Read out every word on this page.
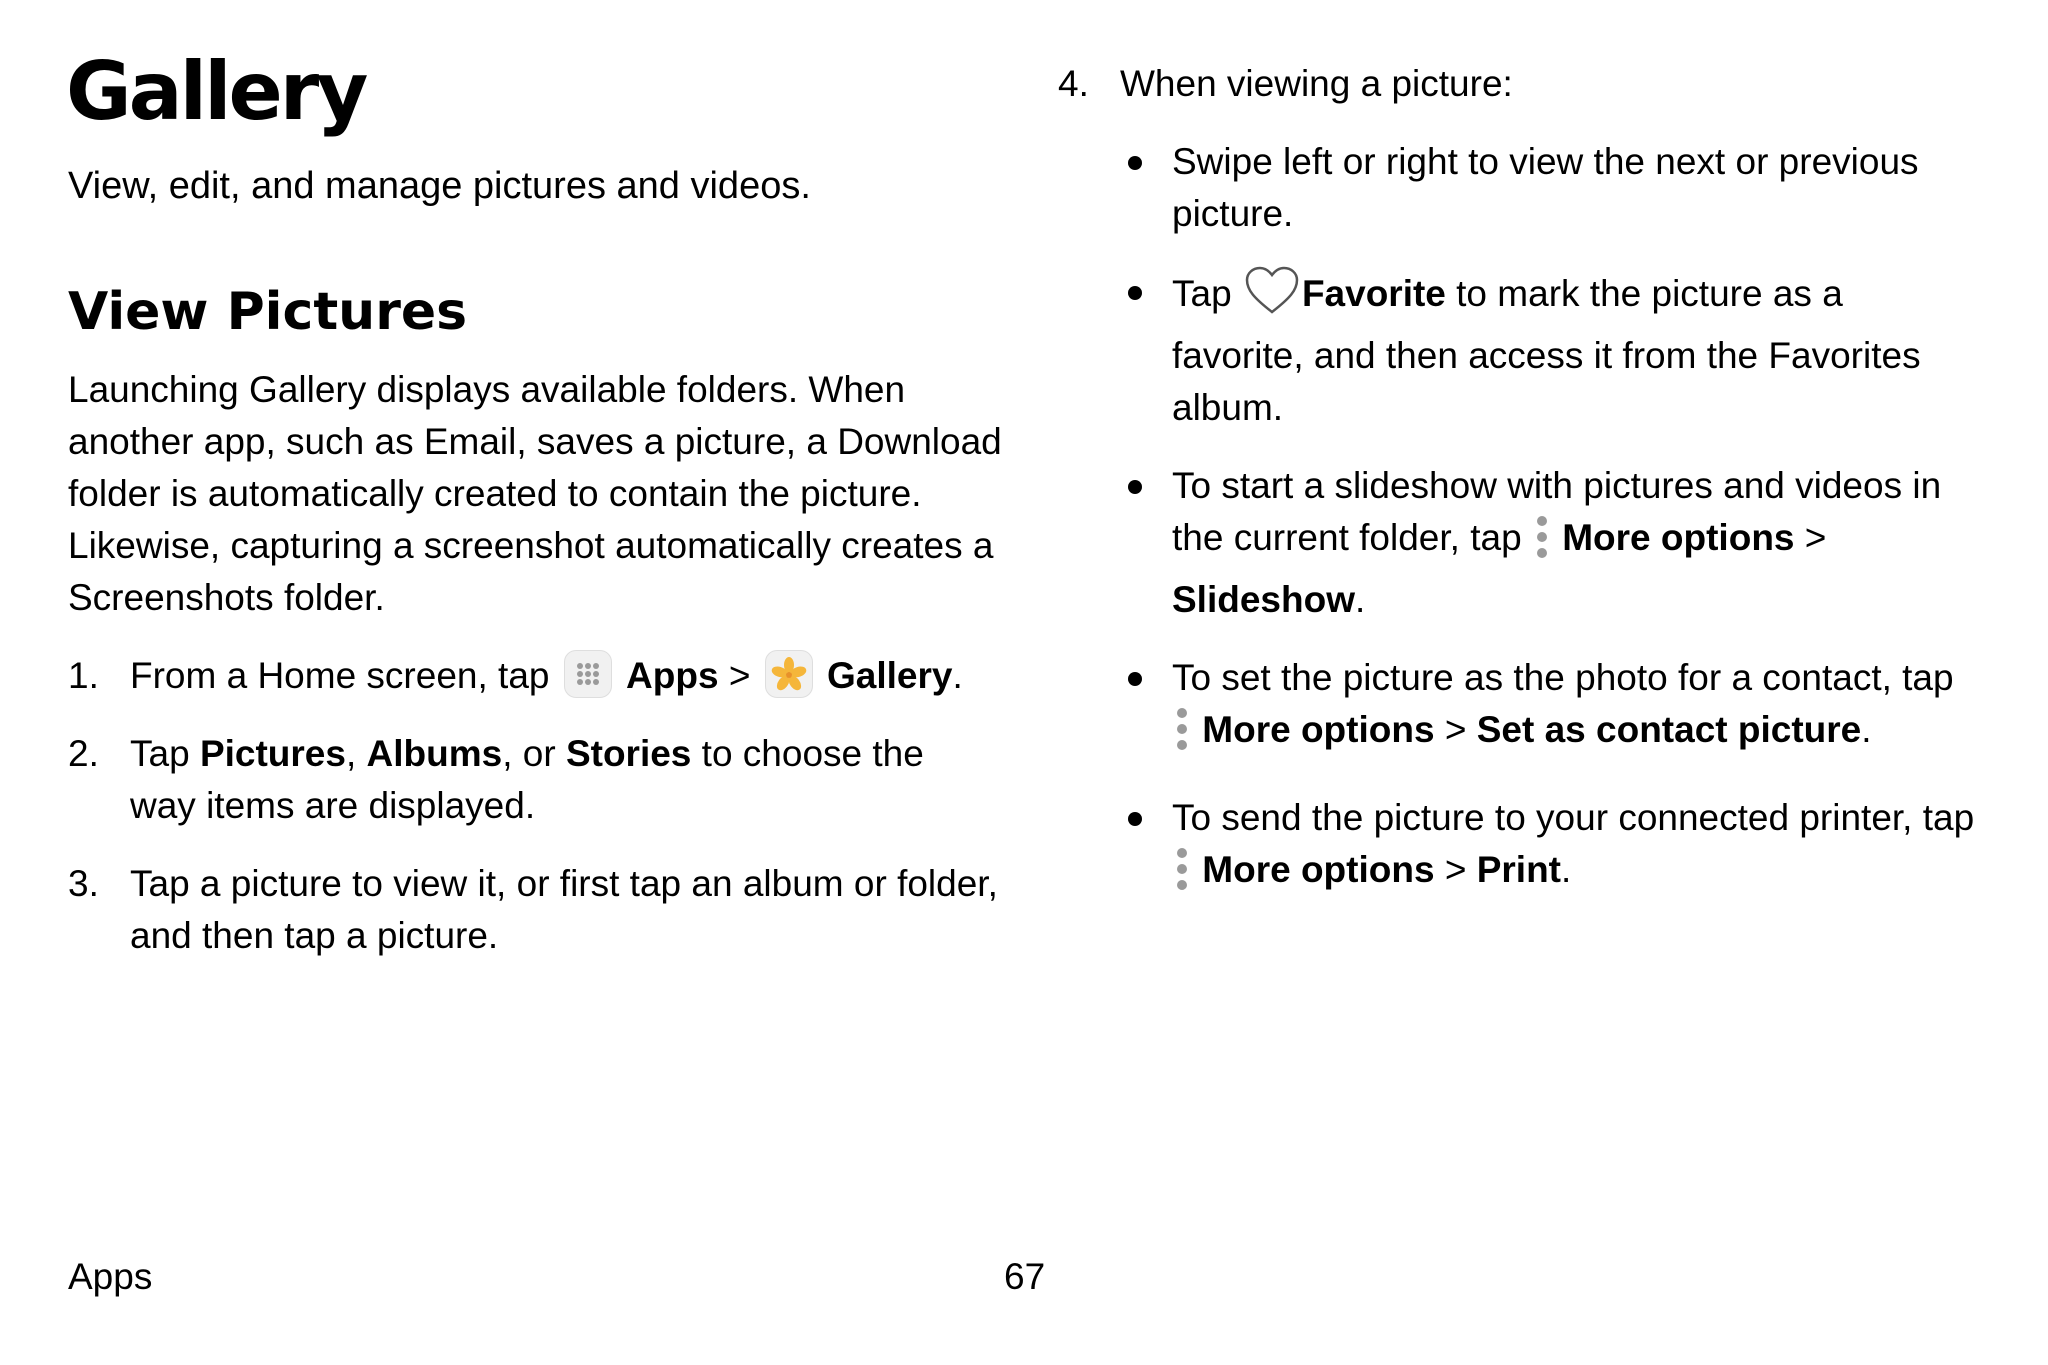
Gallery
View, edit, and manage pictures and videos.
View Pictures

Launching Gallery displays available folders. When another app, such as Email, saves a picture, a Download folder is automatically created to contain the picture. Likewise, capturing a screenshot automatically creates a Screenshots folder.

1. From a Home screen, tap Apps > Gallery.
2. Tap Pictures, Albums, or Stories to choose the way items are displayed.
3. Tap a picture to view it, or first tap an album or folder, and then tap a picture.
4. When viewing a picture:
Swipe left or right to view the next or previous picture.
Tap Favorite to mark the picture as a favorite, and then access it from the Favorites album.
To start a slideshow with pictures and videos in the current folder, tap More options > Slideshow.
To set the picture as the photo for a contact, tap  More options > Set as contact picture.
To send the picture to your connected printer, tap  More options > Print.
Apps	67
